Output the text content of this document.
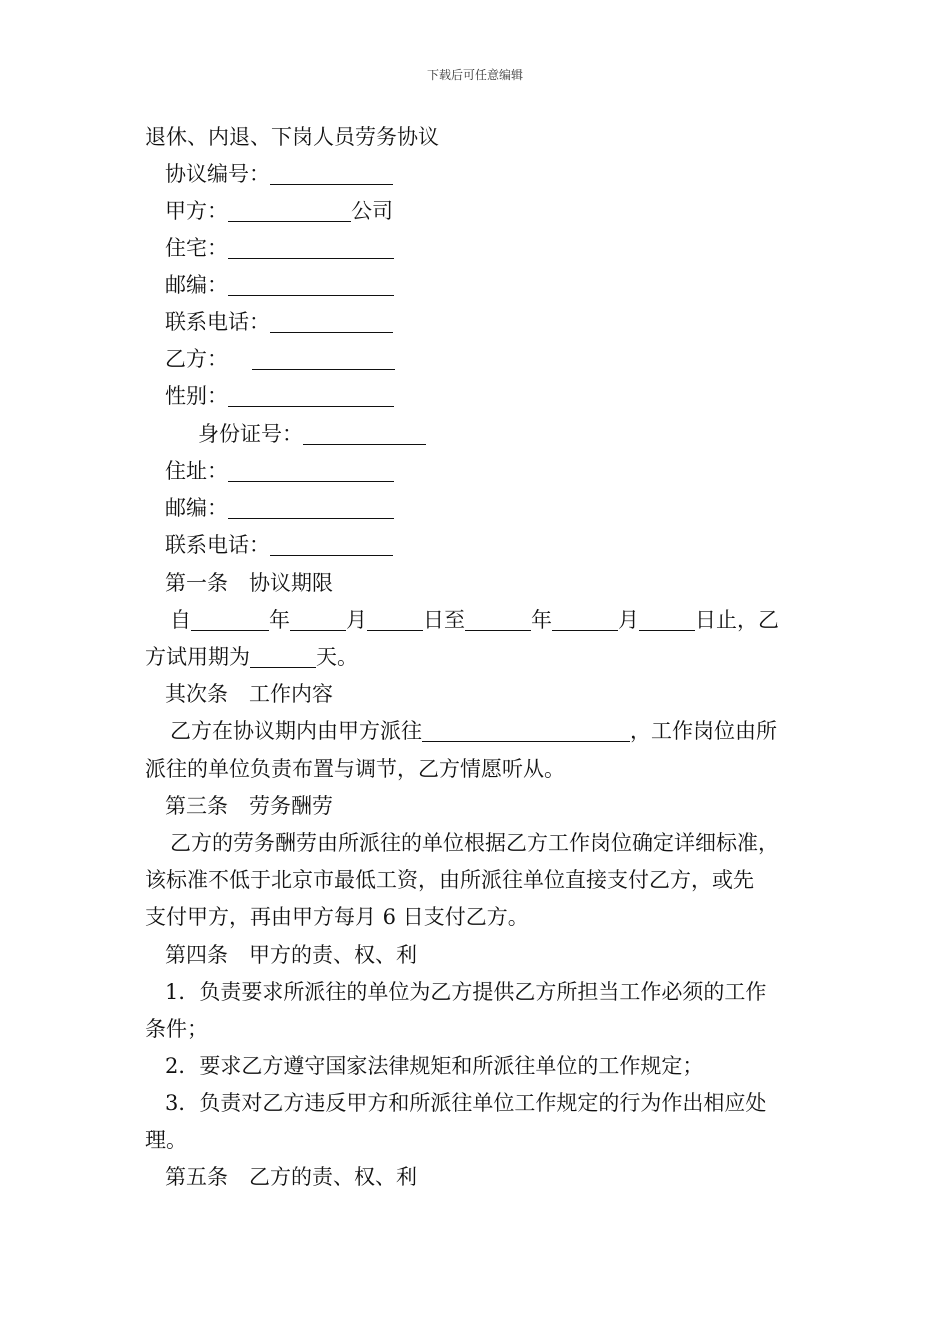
下载后可任意编辑
退休、内退、下岗人员劳务协议
协议编号：
甲方：	公司
住宅：
邮编：
联系电话：
乙方：
性别：
身份证号：
住址：
邮编：
联系电话：
第一条　协议期限
自	年	月	日至	年	月	日止，乙
方试用期为	天。
其次条　工作内容
乙方在协议期内由甲方派往	，工作岗位由所
派往的单位负责布置与调节，乙方情愿听从。
第三条　劳务酬劳
乙方的劳务酬劳由所派往的单位根据乙方工作岗位确定详细标准，
该标准不低于北京市最低工资，由所派往单位直接支付乙方，或先
支付甲方，再由甲方每月 6 日支付乙方。
第四条　甲方的责、权、利
1．负责要求所派往的单位为乙方提供乙方所担当工作必须的工作
条件；
2．要求乙方遵守国家法律规矩和所派往单位的工作规定；
3．负责对乙方违反甲方和所派往单位工作规定的行为作出相应处
理。
第五条　乙方的责、权、利
